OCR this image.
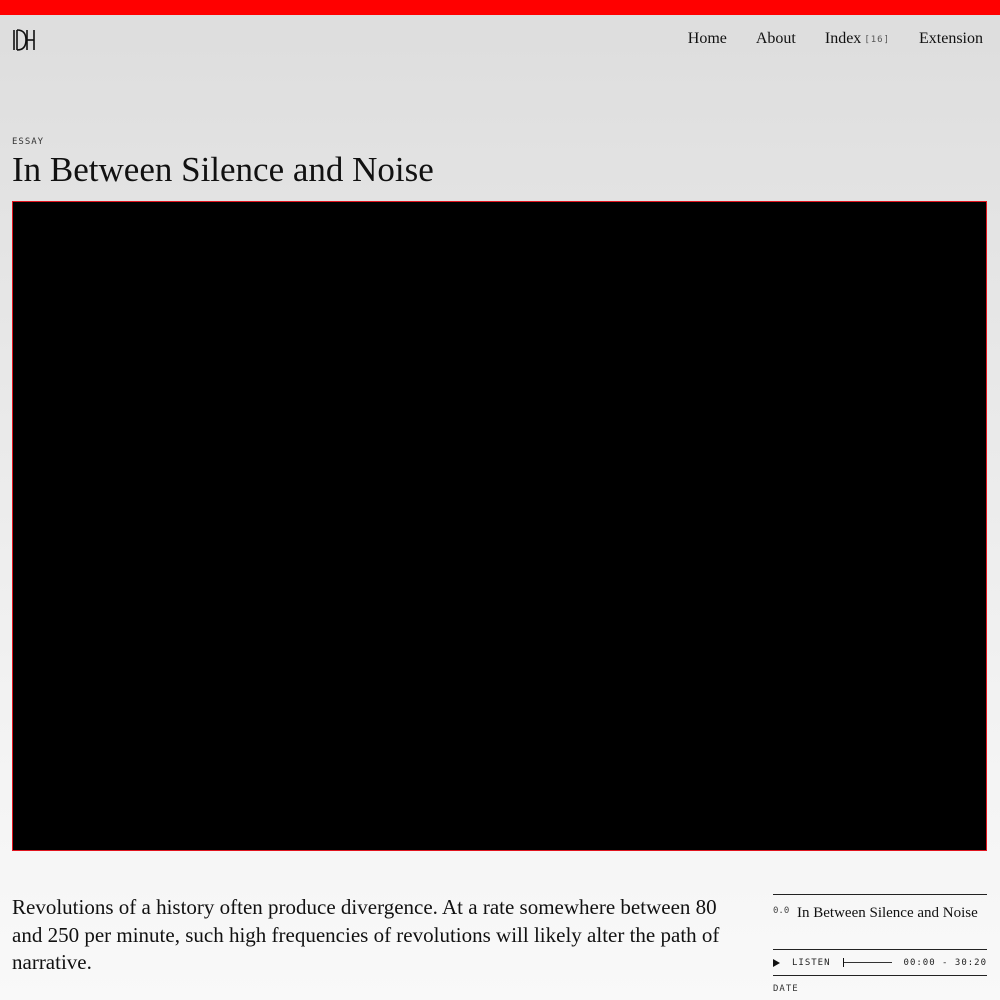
Home About Index [16] Extension
ESSAY
In Between Silence and Noise

Revolutions of a history often produce divergence. At a rate somewhere between 80 and 250 per minute, such high frequencies of revolutions will likely alter the path of narrative.

0.0 In Between Silence and Noise
LISTEN	00:00 - 30:20
DATE
